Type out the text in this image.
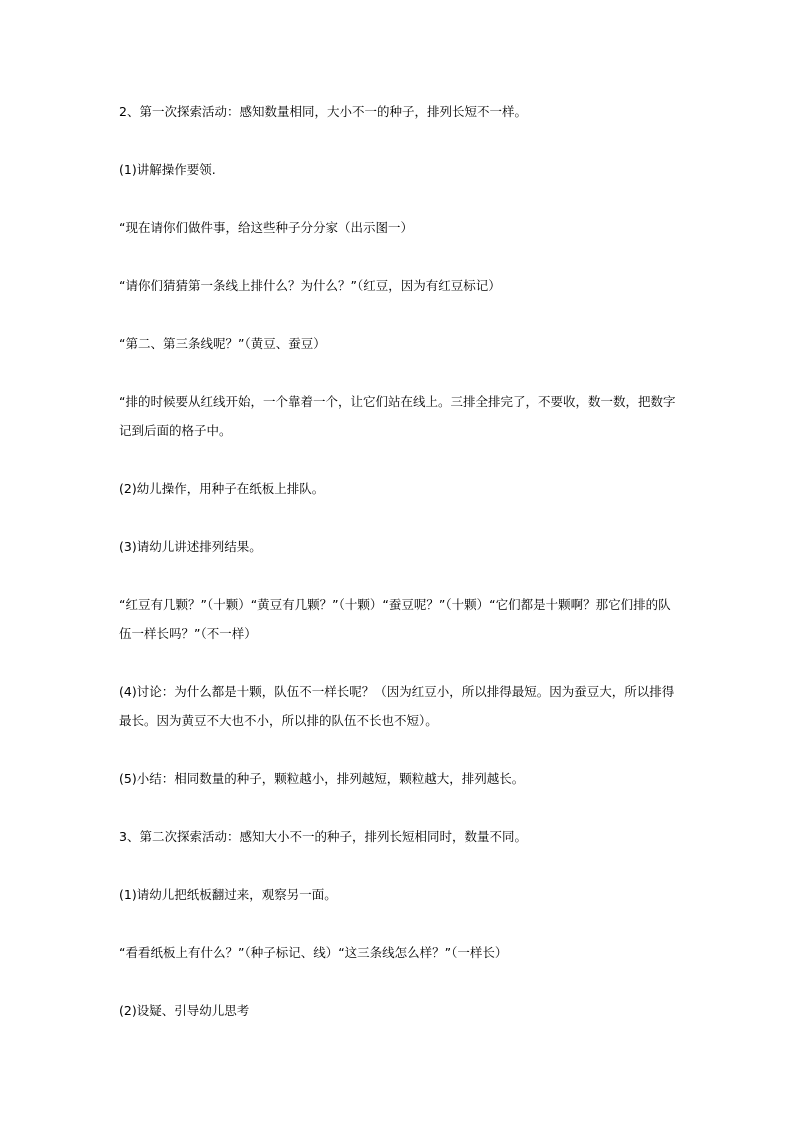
2、第一次探索活动：感知数量相同，大小不一的种子，排列长短不一样。

(1)讲解操作要领.

“现在请你们做件事，给这些种子分分家（出示图一）

“请你们猜猜第一条线上排什么？为什么？”（红豆，因为有红豆标记）

“第二、第三条线呢？”（黄豆、蚕豆）

“排的时候要从红线开始，一个靠着一个，让它们站在线上。三排全排完了，不要收，数一数，把数字记到后面的格子中。

(2)幼儿操作，用种子在纸板上排队。

(3)请幼儿讲述排列结果。

“红豆有几颗？”（十颗）“黄豆有几颗？”（十颗）“蚕豆呢？”（十颗）“它们都是十颗啊？那它们排的队伍一样长吗？”（不一样）

(4)讨论：为什么都是十颗，队伍不一样长呢？（因为红豆小，所以排得最短。因为蚕豆大，所以排得最长。因为黄豆不大也不小，所以排的队伍不长也不短）。

(5)小结：相同数量的种子，颗粒越小，排列越短，颗粒越大，排列越长。

3、第二次探索活动：感知大小不一的种子，排列长短相同时，数量不同。

(1)请幼儿把纸板翻过来，观察另一面。

“看看纸板上有什么？”（种子标记、线）“这三条线怎么样？”（一样长）

(2)设疑、引导幼儿思考
